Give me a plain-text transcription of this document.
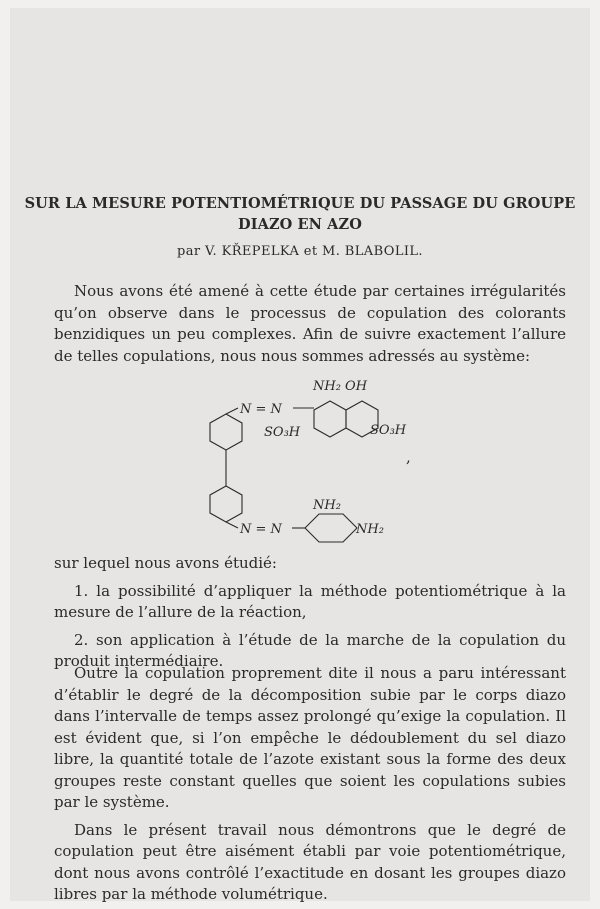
SUR LA MESURE POTENTIOMÉTRIQUE DU PASSAGE DU GROUPE
DIAZO EN AZO
par V. KŘEPELKA et M. BLABOLIL.

Nous avons été amené à cette étude par certaines irrégularités qu’on observe dans le processus de copulation des colorants benzidiques un peu complexes. Afin de suivre exactement l’allure de telles copulations, nous nous sommes adressés au système:

N = N
NH₂ OH
SO₃H	SO₃H
NH₂
N = N	NH₂
,

sur lequel nous avons étudié:

1. la possibilité d’appliquer la méthode potentiométrique à la mesure de l’allure de la réaction,

2. son application à l’étude de la marche de la copulation du produit intermédiaire.

Outre la copulation proprement dite il nous a paru intéressant d’établir le degré de la décomposition subie par le corps diazo dans l’intervalle de temps assez prolongé qu’exige la copulation. Il est évident que, si l’on empêche le dédoublement du sel diazo libre, la quantité totale de l’azote existant sous la forme des deux groupes reste constant quelles que soient les copulations subies par le système.

Dans le présent travail nous démontrons que le degré de copulation peut être aisément établi par voie potentiométrique, dont nous avons contrôlé l’exactitude en dosant les groupes diazo libres par la méthode volumétrique.
